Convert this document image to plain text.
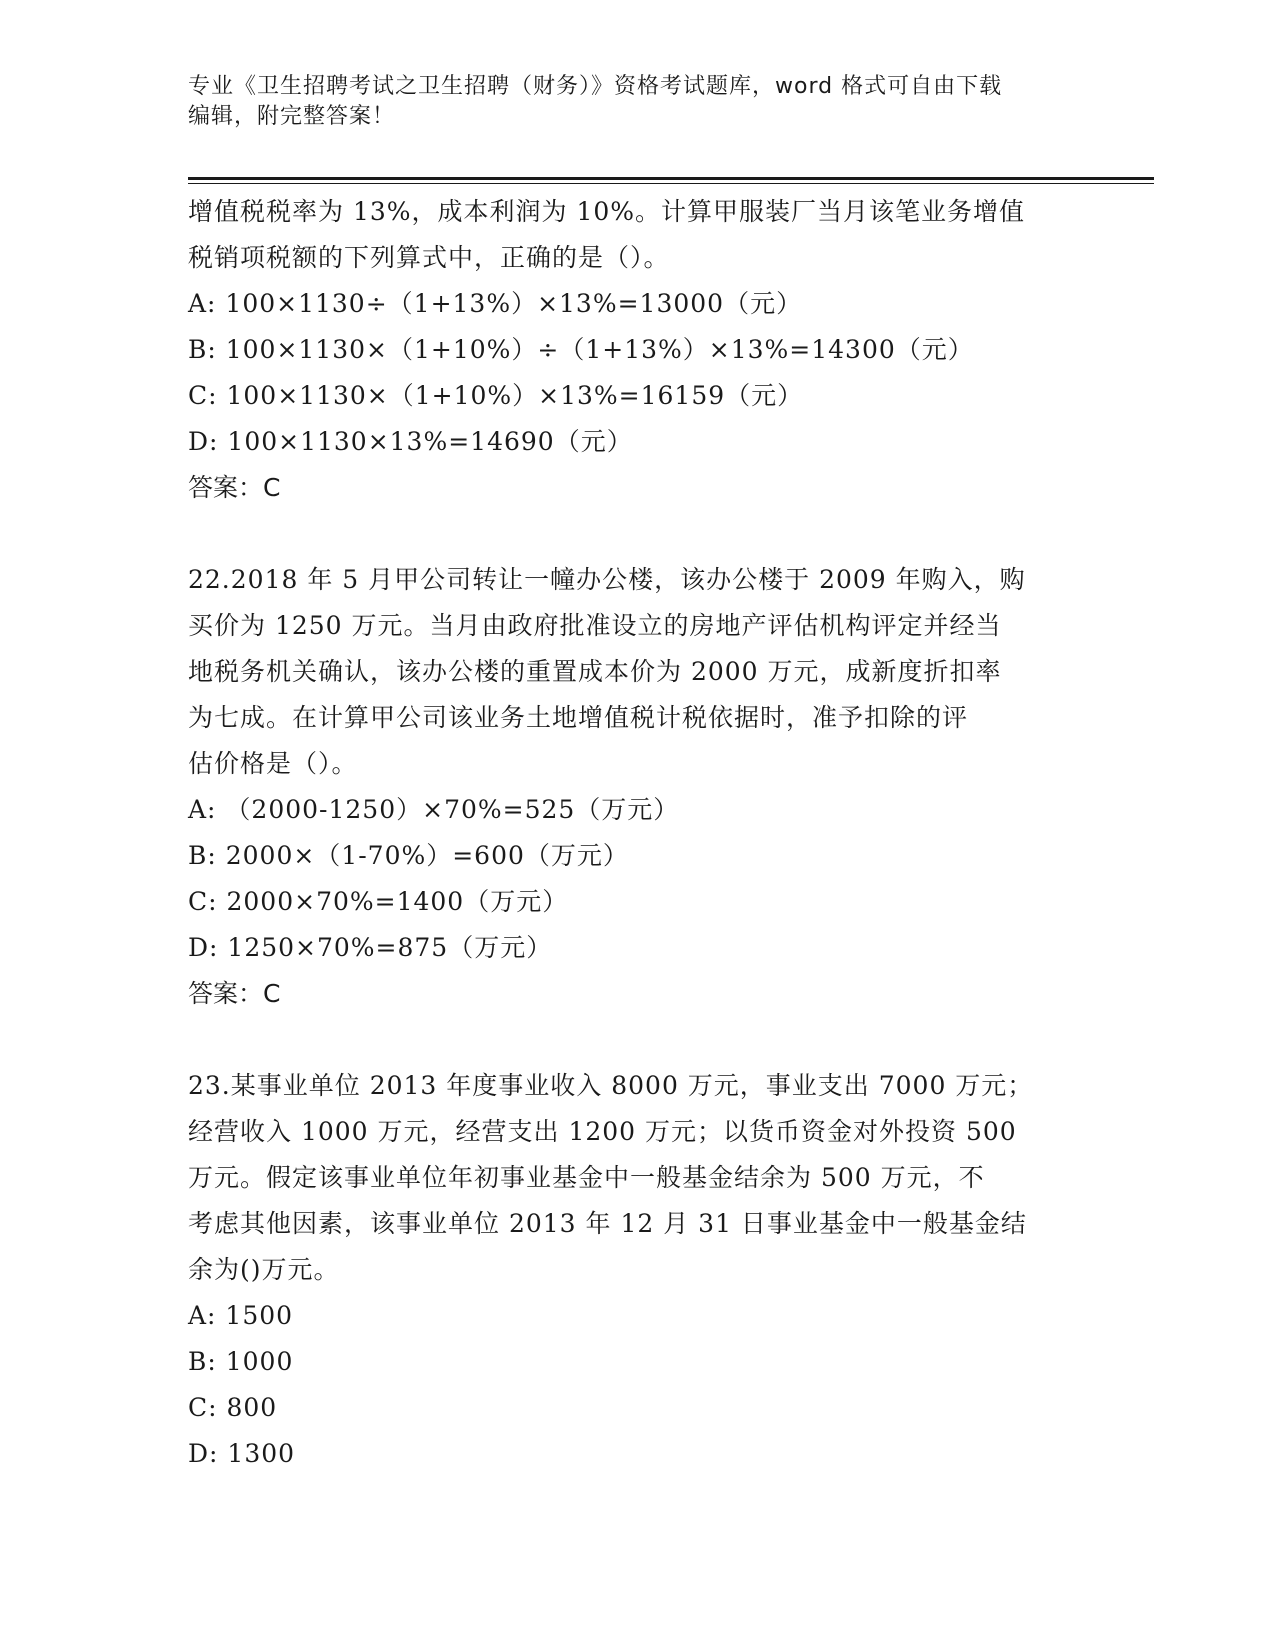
专业《卫生招聘考试之卫生招聘（财务）》资格考试题库，word 格式可自由下载
编辑，附完整答案！
增值税税率为 13%，成本利润为 10%。计算甲服装厂当月该笔业务增值
税销项税额的下列算式中，正确的是（）。
A: 100×1130÷（1+13%）×13%=13000（元）
B: 100×1130×（1+10%）÷（1+13%）×13%=14300（元）
C: 100×1130×（1+10%）×13%=16159（元）
D: 100×1130×13%=14690（元）
答案：C
22.2018 年 5 月甲公司转让一幢办公楼，该办公楼于 2009 年购入，购
买价为 1250 万元。当月由政府批准设立的房地产评估机构评定并经当
地税务机关确认，该办公楼的重置成本价为 2000 万元，成新度折扣率
为七成。在计算甲公司该业务土地增值税计税依据时，准予扣除的评
估价格是（）。
A: （2000-1250）×70%=525（万元）
B: 2000×（1-70%）=600（万元）
C: 2000×70%=1400（万元）
D: 1250×70%=875（万元）
答案：C
23.某事业单位 2013 年度事业收入 8000 万元，事业支出 7000 万元；
经营收入 1000 万元，经营支出 1200 万元；以货币资金对外投资 500
万元。假定该事业单位年初事业基金中一般基金结余为 500 万元，不
考虑其他因素，该事业单位 2013 年 12 月 31 日事业基金中一般基金结
余为()万元。
A: 1500
B: 1000
C: 800
D: 1300
